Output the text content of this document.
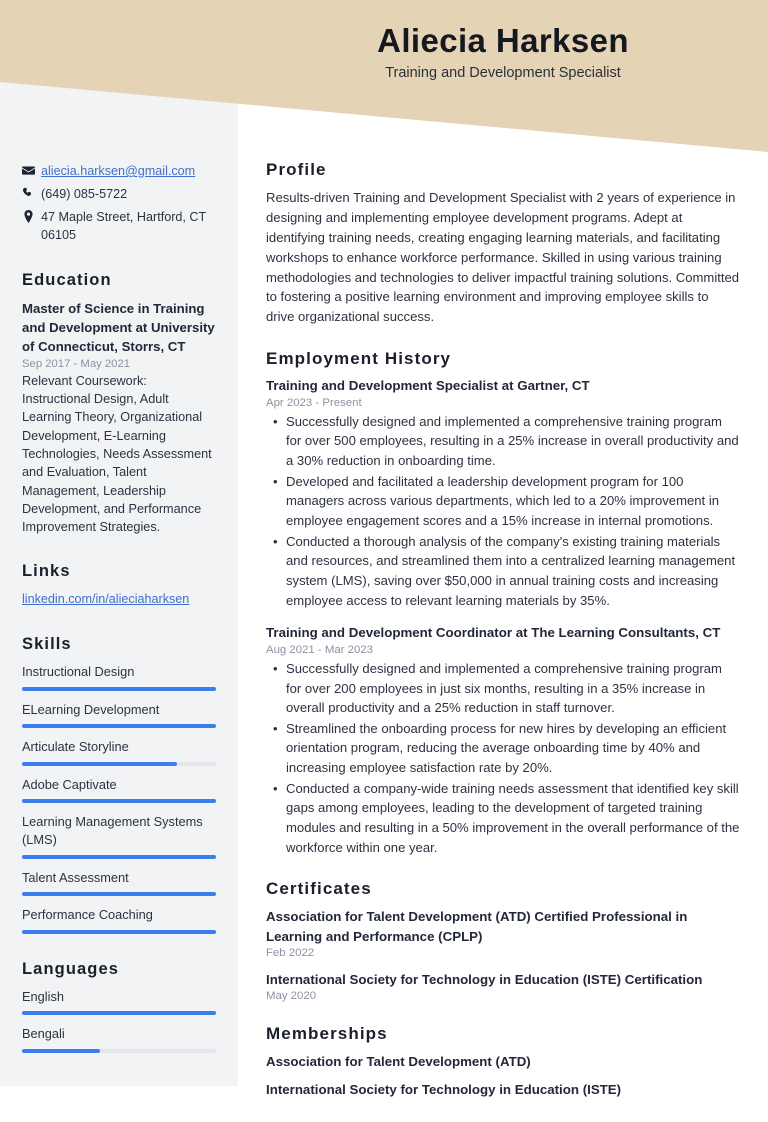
Aliecia Harksen
Training and Development Specialist
aliecia.harksen@gmail.com
(649) 085-5722
47 Maple Street, Hartford, CT 06105
Education
Master of Science in Training and Development at University of Connecticut, Storrs, CT
Sep 2017 - May 2021
Relevant Coursework: Instructional Design, Adult Learning Theory, Organizational Development, E-Learning Technologies, Needs Assessment and Evaluation, Talent Management, Leadership Development, and Performance Improvement Strategies.
Links
linkedin.com/in/alieciaharksen
Skills
Instructional Design
ELearning Development
Articulate Storyline
Adobe Captivate
Learning Management Systems (LMS)
Talent Assessment
Performance Coaching
Languages
English
Bengali
Profile
Results-driven Training and Development Specialist with 2 years of experience in designing and implementing employee development programs. Adept at identifying training needs, creating engaging learning materials, and facilitating workshops to enhance workforce performance. Skilled in using various training methodologies and technologies to deliver impactful training solutions. Committed to fostering a positive learning environment and improving employee skills to drive organizational success.
Employment History
Training and Development Specialist at Gartner, CT
Apr 2023 - Present
• Successfully designed and implemented a comprehensive training program for over 500 employees, resulting in a 25% increase in overall productivity and a 30% reduction in onboarding time.
• Developed and facilitated a leadership development program for 100 managers across various departments, which led to a 20% improvement in employee engagement scores and a 15% increase in internal promotions.
• Conducted a thorough analysis of the company's existing training materials and resources, and streamlined them into a centralized learning management system (LMS), saving over $50,000 in annual training costs and increasing employee access to relevant learning materials by 35%.
Training and Development Coordinator at The Learning Consultants, CT
Aug 2021 - Mar 2023
• Successfully designed and implemented a comprehensive training program for over 200 employees in just six months, resulting in a 35% increase in overall productivity and a 25% reduction in staff turnover.
• Streamlined the onboarding process for new hires by developing an efficient orientation program, reducing the average onboarding time by 40% and increasing employee satisfaction rate by 20%.
• Conducted a company-wide training needs assessment that identified key skill gaps among employees, leading to the development of targeted training modules and resulting in a 50% improvement in the overall performance of the workforce within one year.
Certificates
Association for Talent Development (ATD) Certified Professional in Learning and Performance (CPLP)
Feb 2022
International Society for Technology in Education (ISTE) Certification
May 2020
Memberships
Association for Talent Development (ATD)
International Society for Technology in Education (ISTE)
